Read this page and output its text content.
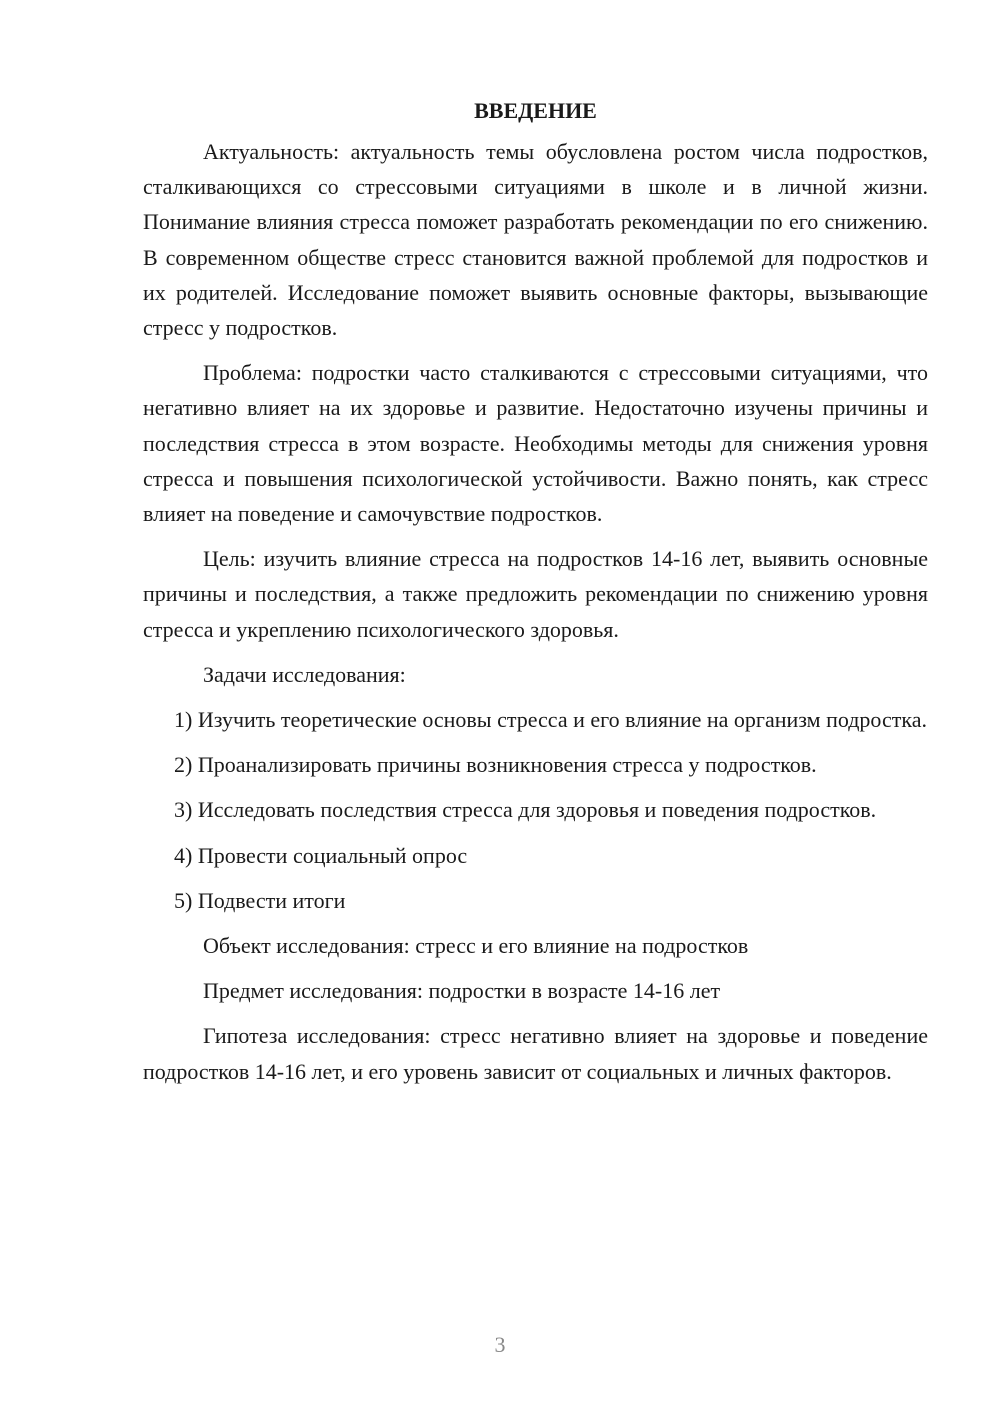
ВВЕДЕНИЕ

Актуальность: актуальность темы обусловлена ростом числа подростков, сталкивающихся со стрессовыми ситуациями в школе и в личной жизни. Понимание влияния стресса поможет разработать рекомендации по его снижению. В современном обществе стресс становится важной проблемой для подростков и их родителей. Исследование поможет выявить основные факторы, вызывающие стресс у подростков.

Проблема: подростки часто сталкиваются с стрессовыми ситуациями, что негативно влияет на их здоровье и развитие. Недостаточно изучены причины и последствия стресса в этом возрасте. Необходимы методы для снижения уровня стресса и повышения психологической устойчивости. Важно понять, как стресс влияет на поведение и самочувствие подростков.

Цель: изучить влияние стресса на подростков 14-16 лет, выявить основные причины и последствия, а также предложить рекомендации по снижению уровня стресса и укреплению психологического здоровья.

Задачи исследования:

1) Изучить теоретические основы стресса и его влияние на организм подростка.

2) Проанализировать причины возникновения стресса у подростков.

3) Исследовать последствия стресса для здоровья и поведения подростков.

4) Провести социальный опрос

5) Подвести итоги

Объект исследования: стресс и его влияние на подростков

Предмет исследования: подростки в возрасте 14-16 лет

Гипотеза исследования: стресс негативно влияет на здоровье и поведение подростков 14-16 лет, и его уровень зависит от социальных и личных факторов.

3
